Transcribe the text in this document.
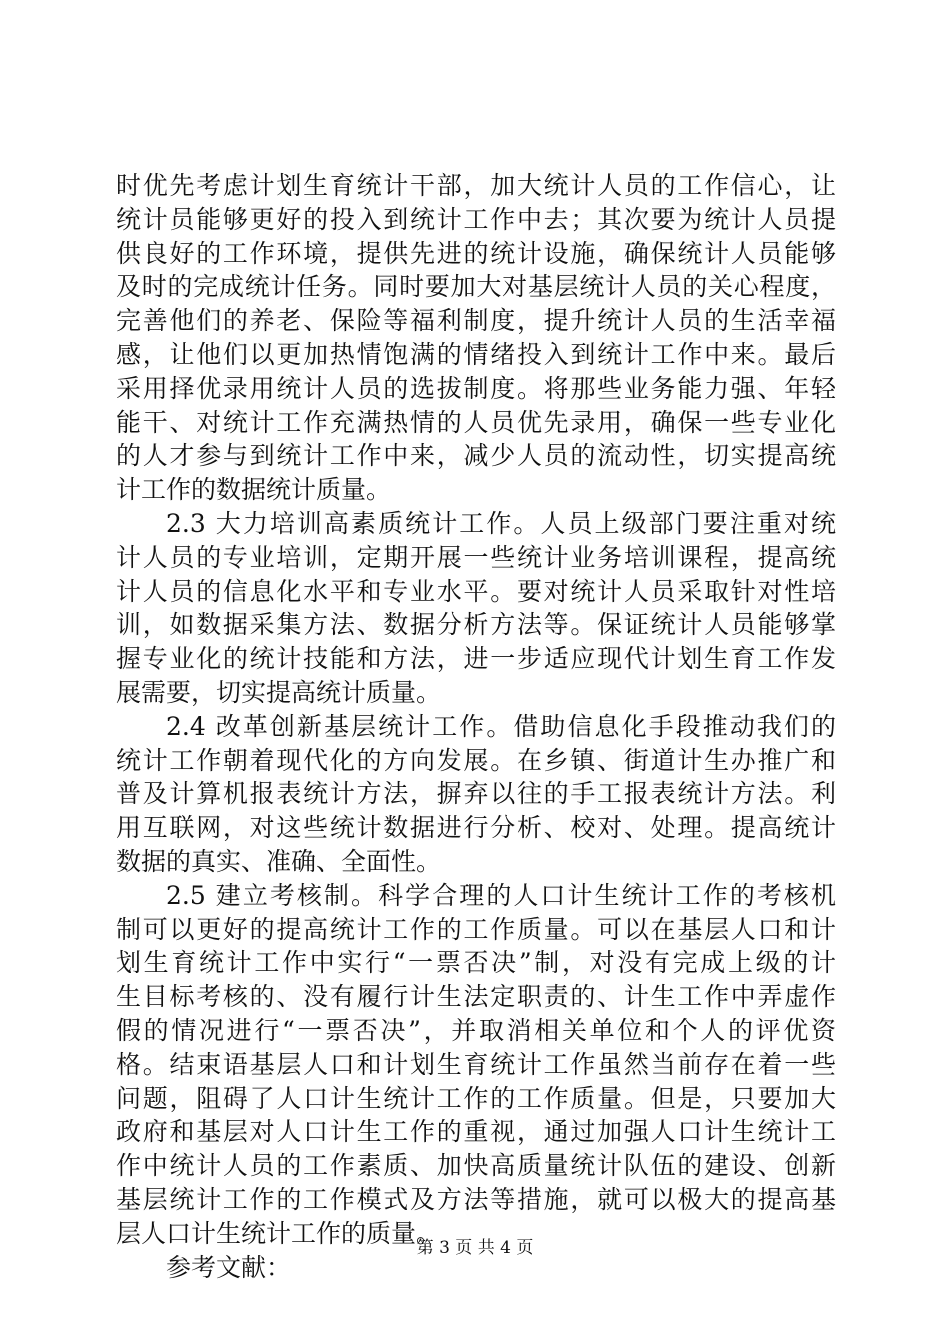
时优先考虑计划生育统计干部，加大统计人员的工作信心，让
统计员能够更好的投入到统计工作中去；其次要为统计人员提
供良好的工作环境，提供先进的统计设施，确保统计人员能够
及时的完成统计任务。同时要加大对基层统计人员的关心程度，
完善他们的养老、保险等福利制度，提升统计人员的生活幸福
感，让他们以更加热情饱满的情绪投入到统计工作中来。最后
采用择优录用统计人员的选拔制度。将那些业务能力强、年轻
能干、对统计工作充满热情的人员优先录用，确保一些专业化
的人才参与到统计工作中来，减少人员的流动性，切实提高统
计工作的数据统计质量。
2.3 大力培训高素质统计工作。人员上级部门要注重对统
计人员的专业培训，定期开展一些统计业务培训课程，提高统
计人员的信息化水平和专业水平。要对统计人员采取针对性培
训，如数据采集方法、数据分析方法等。保证统计人员能够掌
握专业化的统计技能和方法，进一步适应现代计划生育工作发
展需要，切实提高统计质量。
2.4 改革创新基层统计工作。借助信息化手段推动我们的
统计工作朝着现代化的方向发展。在乡镇、街道计生办推广和
普及计算机报表统计方法，摒弃以往的手工报表统计方法。利
用互联网，对这些统计数据进行分析、校对、处理。提高统计
数据的真实、准确、全面性。
2.5 建立考核制。科学合理的人口计生统计工作的考核机
制可以更好的提高统计工作的工作质量。可以在基层人口和计
划生育统计工作中实行“一票否决”制，对没有完成上级的计
生目标考核的、没有履行计生法定职责的、计生工作中弄虚作
假的情况进行“一票否决”，并取消相关单位和个人的评优资
格。结束语基层人口和计划生育统计工作虽然当前存在着一些
问题，阻碍了人口计生统计工作的工作质量。但是，只要加大
政府和基层对人口计生工作的重视，通过加强人口计生统计工
作中统计人员的工作素质、加快高质量统计队伍的建设、创新
基层统计工作的工作模式及方法等措施，就可以极大的提高基
层人口计生统计工作的质量。
参考文献：
第 3 页 共 4 页
